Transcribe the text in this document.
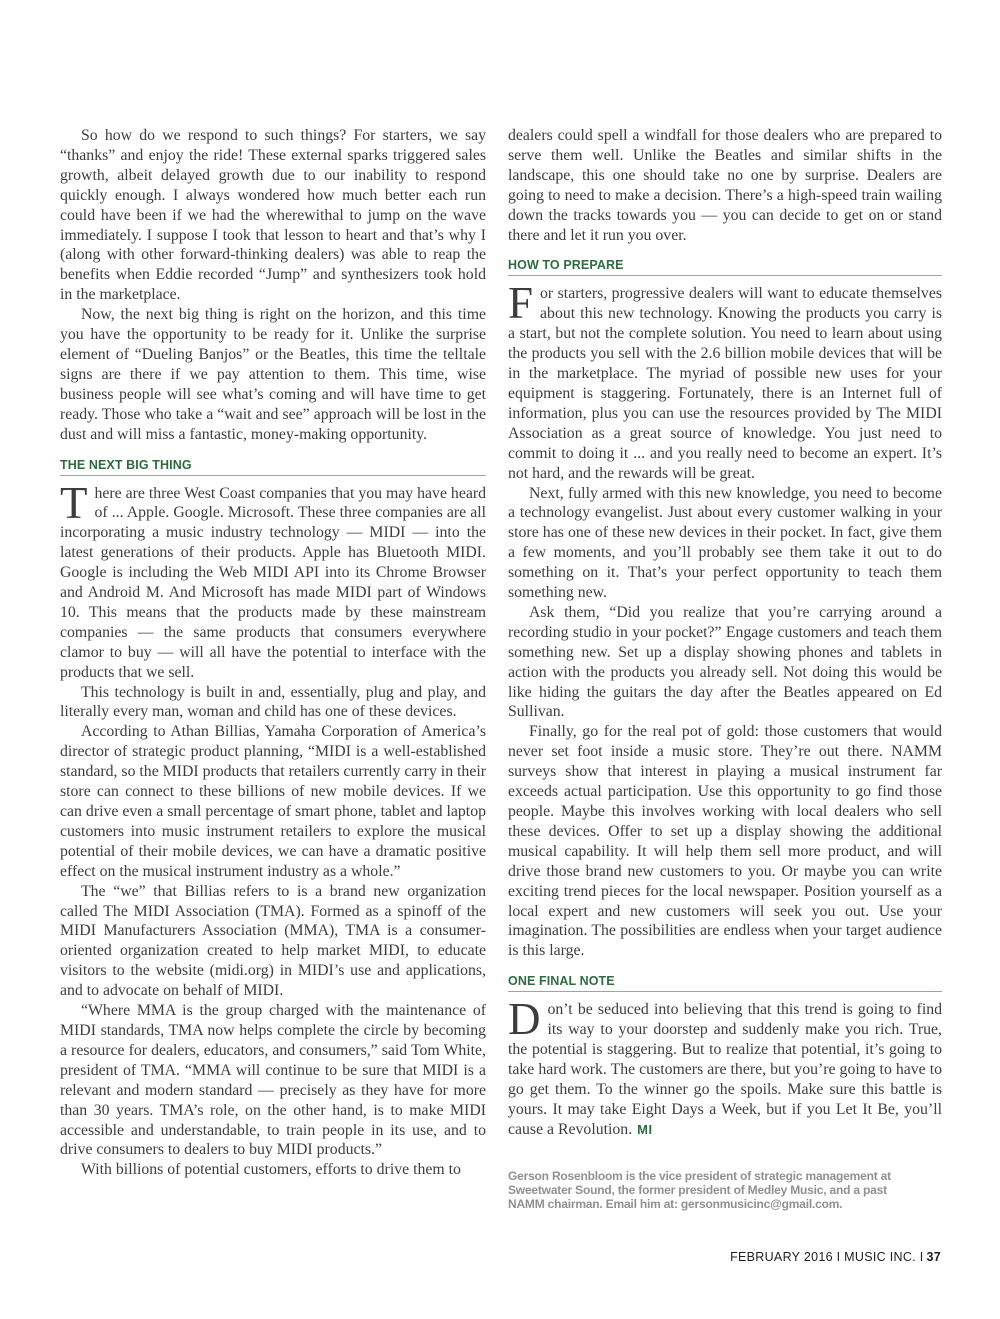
So how do we respond to such things? For starters, we say “thanks” and enjoy the ride! These external sparks triggered sales growth, albeit delayed growth due to our inability to respond quickly enough. I always wondered how much better each run could have been if we had the wherewithal to jump on the wave immediately. I suppose I took that lesson to heart and that’s why I (along with other forward-thinking dealers) was able to reap the benefits when Eddie recorded “Jump” and synthesizers took hold in the marketplace.

Now, the next big thing is right on the horizon, and this time you have the opportunity to be ready for it. Unlike the surprise element of “Dueling Banjos” or the Beatles, this time the telltale signs are there if we pay attention to them. This time, wise business people will see what’s coming and will have time to get ready. Those who take a “wait and see” approach will be lost in the dust and will miss a fantastic, money-making opportunity.

THE NEXT BIG THING

There are three West Coast companies that you may have heard of ... Apple. Google. Microsoft. These three companies are all incorporating a music industry technology — MIDI — into the latest generations of their products. Apple has Bluetooth MIDI. Google is including the Web MIDI API into its Chrome Browser and Android M. And Microsoft has made MIDI part of Windows 10. This means that the products made by these mainstream companies — the same products that consumers everywhere clamor to buy — will all have the potential to interface with the products that we sell.

This technology is built in and, essentially, plug and play, and literally every man, woman and child has one of these devices.

According to Athan Billias, Yamaha Corporation of America’s director of strategic product planning, “MIDI is a well-established standard, so the MIDI products that retailers currently carry in their store can connect to these billions of new mobile devices. If we can drive even a small percentage of smart phone, tablet and laptop customers into music instrument retailers to explore the musical potential of their mobile devices, we can have a dramatic positive effect on the musical instrument industry as a whole.”

The “we” that Billias refers to is a brand new organization called The MIDI Association (TMA). Formed as a spinoff of the MIDI Manufacturers Association (MMA), TMA is a consumer-oriented organization created to help market MIDI, to educate visitors to the website (midi.org) in MIDI’s use and applications, and to advocate on behalf of MIDI.

“Where MMA is the group charged with the maintenance of MIDI standards, TMA now helps complete the circle by becoming a resource for dealers, educators, and consumers,” said Tom White, president of TMA. “MMA will continue to be sure that MIDI is a relevant and modern standard — precisely as they have for more than 30 years. TMA’s role, on the other hand, is to make MIDI accessible and understandable, to train people in its use, and to drive consumers to dealers to buy MIDI products.”

With billions of potential customers, efforts to drive them to

dealers could spell a windfall for those dealers who are prepared to serve them well. Unlike the Beatles and similar shifts in the landscape, this one should take no one by surprise. Dealers are going to need to make a decision. There’s a high-speed train wailing down the tracks towards you — you can decide to get on or stand there and let it run you over.

HOW TO PREPARE

For starters, progressive dealers will want to educate themselves about this new technology. Knowing the products you carry is a start, but not the complete solution. You need to learn about using the products you sell with the 2.6 billion mobile devices that will be in the marketplace. The myriad of possible new uses for your equipment is staggering. Fortunately, there is an Internet full of information, plus you can use the resources provided by The MIDI Association as a great source of knowledge. You just need to commit to doing it ... and you really need to become an expert. It’s not hard, and the rewards will be great.

Next, fully armed with this new knowledge, you need to become a technology evangelist. Just about every customer walking in your store has one of these new devices in their pocket. In fact, give them a few moments, and you’ll probably see them take it out to do something on it. That’s your perfect opportunity to teach them something new.

Ask them, “Did you realize that you’re carrying around a recording studio in your pocket?” Engage customers and teach them something new. Set up a display showing phones and tablets in action with the products you already sell. Not doing this would be like hiding the guitars the day after the Beatles appeared on Ed Sullivan.

Finally, go for the real pot of gold: those customers that would never set foot inside a music store. They’re out there. NAMM surveys show that interest in playing a musical instrument far exceeds actual participation. Use this opportunity to go find those people. Maybe this involves working with local dealers who sell these devices. Offer to set up a display showing the additional musical capability. It will help them sell more product, and will drive those brand new customers to you. Or maybe you can write exciting trend pieces for the local newspaper. Position yourself as a local expert and new customers will seek you out. Use your imagination. The possibilities are endless when your target audience is this large.

ONE FINAL NOTE

Don’t be seduced into believing that this trend is going to find its way to your doorstep and suddenly make you rich. True, the potential is staggering. But to realize that potential, it’s going to take hard work. The customers are there, but you’re going to have to go get them. To the winner go the spoils. Make sure this battle is yours. It may take Eight Days a Week, but if you Let It Be, you’ll cause a Revolution. MI

Gerson Rosenbloom is the vice president of strategic management at Sweetwater Sound, the former president of Medley Music, and a past NAMM chairman. Email him at: gersonmusicinc@gmail.com.
FEBRUARY 2016 I MUSIC INC. I 37
